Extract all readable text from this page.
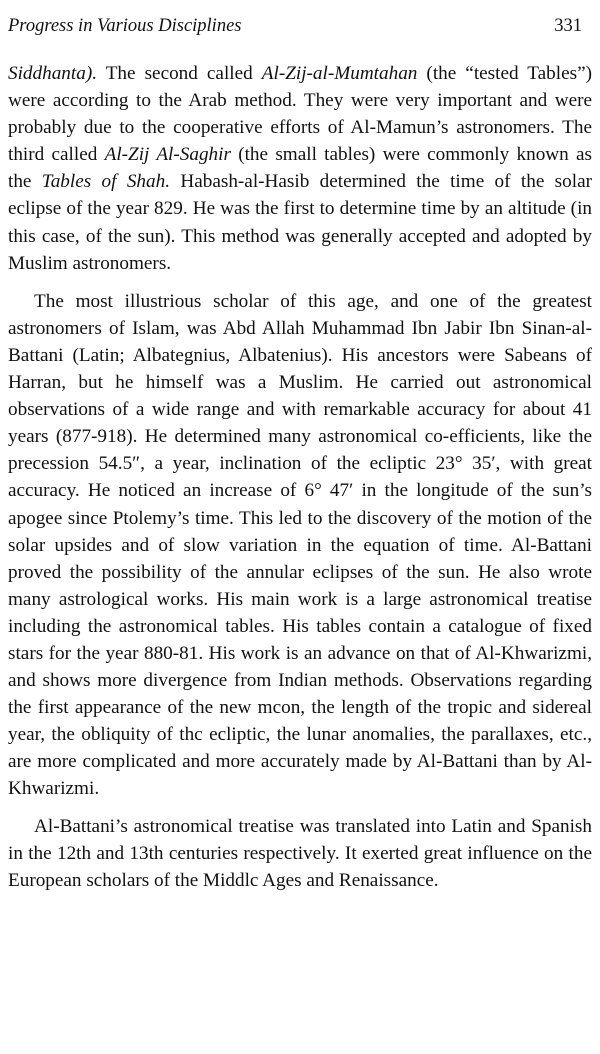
Progress in Various Disciplines	331

Siddhanta). The second called Al-Zij-al-Mumtahan (the “tested Tables”) were according to the Arab method. They were very important and were probably due to the cooperative efforts of Al-Mamun’s astronomers. The third called Al-Zij Al-Saghir (the small tables) were commonly known as the Tables of Shah. Habash-al-Hasib determined the time of the solar eclipse of the year 829. He was the first to determine time by an altitude (in this case, of the sun). This method was generally accepted and adopted by Muslim astronomers.

The most illustrious scholar of this age, and one of the greatest astronomers of Islam, was Abd Allah Muhammad Ibn Jabir Ibn Sinan-al-Battani (Latin; Albategnius, Albatenius). His ancestors were Sabeans of Harran, but he himself was a Muslim. He carried out astronomical observations of a wide range and with remarkable accuracy for about 41 years (877-918). He determined many astronomical co-efficients, like the precession 54.5″, a year, inclination of the ecliptic 23° 35′, with great accuracy. He noticed an increase of 6° 47ʹ in the longitude of the sun’s apogee since Ptolemy’s time. This led to the discovery of the motion of the solar upsides and of slow variation in the equation of time. Al-Battani proved the possibility of the annular eclipses of the sun. He also wrote many astrological works. His main work is a large astronomical treatise including the astronomical tables. His tables contain a catalogue of fixed stars for the year 880-81. His work is an advance on that of Al-Khwarizmi, and shows more divergence from Indian methods. Observations regarding the first appearance of the new mcon, the length of the tropic and sidereal year, the obliquity of thc ecliptic, the lunar anomalies, the parallaxes, etc., are more complicated and more accurately made by Al-Battani than by Al-Khwarizmi.

Al-Battani’s astronomical treatise was translated into Latin and Spanish in the 12th and 13th centuries respectively. It exerted great influence on the European scholars of the Middlc Ages and Renaissance.
